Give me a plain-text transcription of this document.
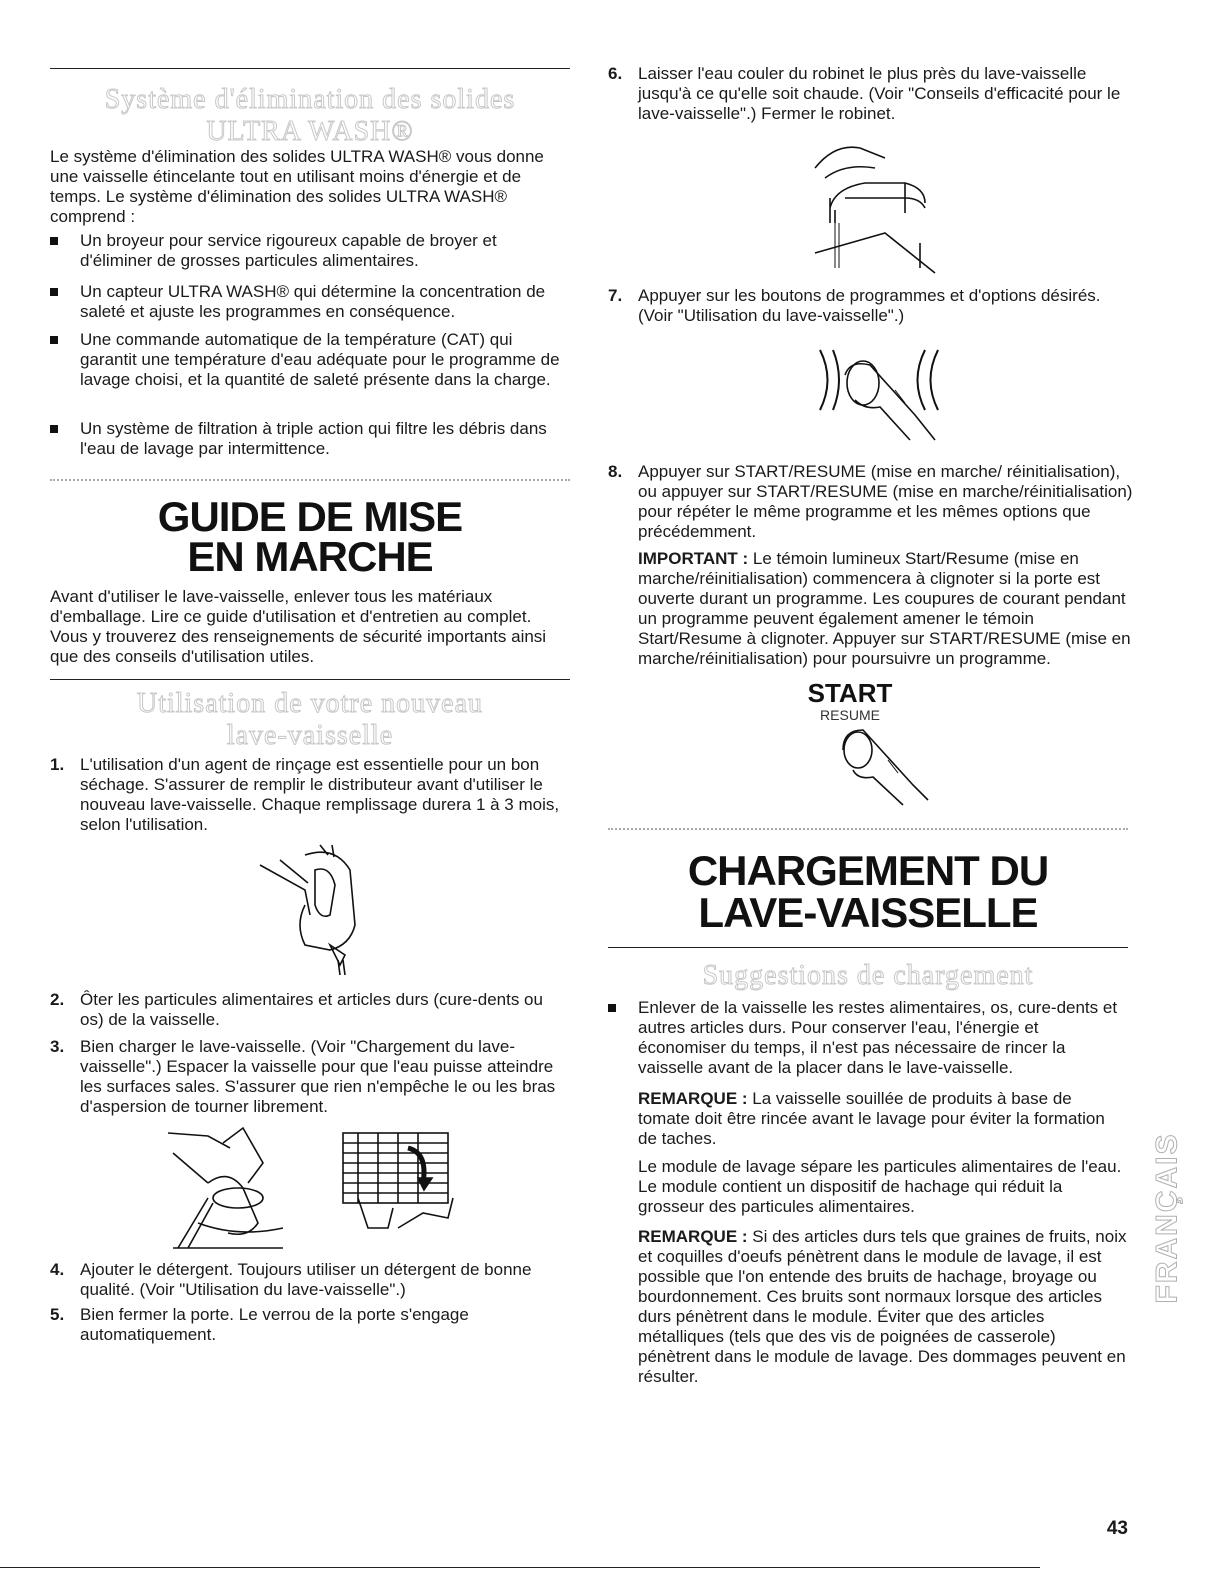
Système d'élimination des solides
ULTRA WASH®

Le système d'élimination des solides ULTRA WASH® vous donne une vaisselle étincelante tout en utilisant moins d'énergie et de temps. Le système d'élimination des solides ULTRA WASH® comprend :

Un broyeur pour service rigoureux capable de broyer et d'éliminer de grosses particules alimentaires.
Un capteur ULTRA WASH® qui détermine la concentration de saleté et ajuste les programmes en conséquence.
Une commande automatique de la température (CAT) qui garantit une température d'eau adéquate pour le programme de lavage choisi, et la quantité de saleté présente dans la charge.
Un système de filtration à triple action qui filtre les débris dans l'eau de lavage par intermittence.
GUIDE DE MISE
EN MARCHE

Avant d'utiliser le lave-vaisselle, enlever tous les matériaux d'emballage. Lire ce guide d'utilisation et d'entretien au complet. Vous y trouverez des renseignements de sécurité importants ainsi que des conseils d'utilisation utiles.

Utilisation de votre nouveau
lave-vaisselle
1. L'utilisation d'un agent de rinçage est essentielle pour un bon séchage. S'assurer de remplir le distributeur avant d'utiliser le nouveau lave-vaisselle. Chaque remplissage durera 1 à 3 mois, selon l'utilisation.
2. Ôter les particules alimentaires et articles durs (cure-dents ou os) de la vaisselle.
3. Bien charger le lave-vaisselle. (Voir "Chargement du lave-vaisselle".) Espacer la vaisselle pour que l'eau puisse atteindre les surfaces sales. S'assurer que rien n'empêche le ou les bras d'aspersion de tourner librement.
4. Ajouter le détergent. Toujours utiliser un détergent de bonne qualité. (Voir "Utilisation du lave-vaisselle".)
5. Bien fermer la porte. Le verrou de la porte s'engage automatiquement.
6. Laisser l'eau couler du robinet le plus près du lave-vaisselle jusqu'à ce qu'elle soit chaude. (Voir "Conseils d'efficacité pour le lave-vaisselle".) Fermer le robinet.
7. Appuyer sur les boutons de programmes et d'options désirés. (Voir "Utilisation du lave-vaisselle".)
8. Appuyer sur START/RESUME (mise en marche/ réinitialisation), ou appuyer sur START/RESUME (mise en marche/réinitialisation) pour répéter le même programme et les mêmes options que précédemment.

IMPORTANT : Le témoin lumineux Start/Resume (mise en marche/réinitialisation) commencera à clignoter si la porte est ouverte durant un programme. Les coupures de courant pendant un programme peuvent également amener le témoin Start/Resume à clignoter. Appuyer sur START/RESUME (mise en marche/réinitialisation) pour poursuivre un programme.

START
RESUME
CHARGEMENT DU
LAVE-VAISSELLE
Suggestions de chargement
Enlever de la vaisselle les restes alimentaires, os, cure-dents et autres articles durs. Pour conserver l'eau, l'énergie et économiser du temps, il n'est pas nécessaire de rincer la vaisselle avant de la placer dans le lave-vaisselle.

REMARQUE : La vaisselle souillée de produits à base de tomate doit être rincée avant le lavage pour éviter la formation de taches.

Le module de lavage sépare les particules alimentaires de l'eau. Le module contient un dispositif de hachage qui réduit la grosseur des particules alimentaires.

REMARQUE : Si des articles durs tels que graines de fruits, noix et coquilles d'oeufs pénètrent dans le module de lavage, il est possible que l'on entende des bruits de hachage, broyage ou bourdonnement. Ces bruits sont normaux lorsque des articles durs pénètrent dans le module. Éviter que des articles métalliques (tels que des vis de poignées de casserole) pénètrent dans le module de lavage. Des dommages peuvent en résulter.

FRANÇAIS
43
